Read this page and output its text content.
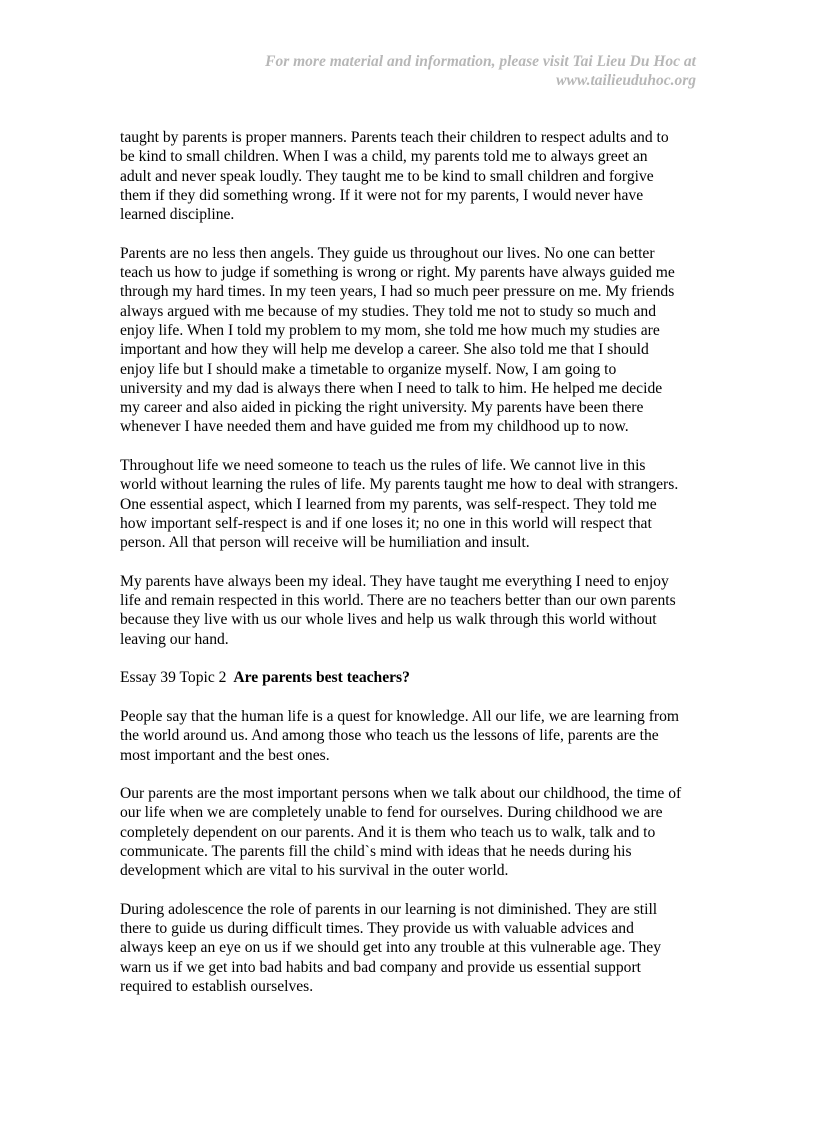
For more material and information, please visit Tai Lieu Du Hoc at
www.tailieuduhoc.org
taught by parents is proper manners. Parents teach their children to respect adults and to
be kind to small children. When I was a child, my parents told me to always greet an
adult and never speak loudly. They taught me to be kind to small children and forgive
them if they did something wrong. If it were not for my parents, I would never have
learned discipline.
Parents are no less then angels. They guide us throughout our lives. No one can better
teach us how to judge if something is wrong or right. My parents have always guided me
through my hard times. In my teen years, I had so much peer pressure on me. My friends
always argued with me because of my studies. They told me not to study so much and
enjoy life. When I told my problem to my mom, she told me how much my studies are
important and how they will help me develop a career. She also told me that I should
enjoy life but I should make a timetable to organize myself. Now, I am going to
university and my dad is always there when I need to talk to him. He helped me decide
my career and also aided in picking the right university. My parents have been there
whenever I have needed them and have guided me from my childhood up to now.
Throughout life we need someone to teach us the rules of life. We cannot live in this
world without learning the rules of life. My parents taught me how to deal with strangers.
One essential aspect, which I learned from my parents, was self-respect. They told me
how important self-respect is and if one loses it; no one in this world will respect that
person. All that person will receive will be humiliation and insult.
My parents have always been my ideal. They have taught me everything I need to enjoy
life and remain respected in this world. There are no teachers better than our own parents
because they live with us our whole lives and help us walk through this world without
leaving our hand.
Essay 39 Topic 2 Are parents best teachers?
People say that the human life is a quest for knowledge. All our life, we are learning from
the world around us. And among those who teach us the lessons of life, parents are the
most important and the best ones.
Our parents are the most important persons when we talk about our childhood, the time of
our life when we are completely unable to fend for ourselves. During childhood we are
completely dependent on our parents. And it is them who teach us to walk, talk and to
communicate. The parents fill the child`s mind with ideas that he needs during his
development which are vital to his survival in the outer world.
During adolescence the role of parents in our learning is not diminished. They are still
there to guide us during difficult times. They provide us with valuable advices and
always keep an eye on us if we should get into any trouble at this vulnerable age. They
warn us if we get into bad habits and bad company and provide us essential support
required to establish ourselves.
